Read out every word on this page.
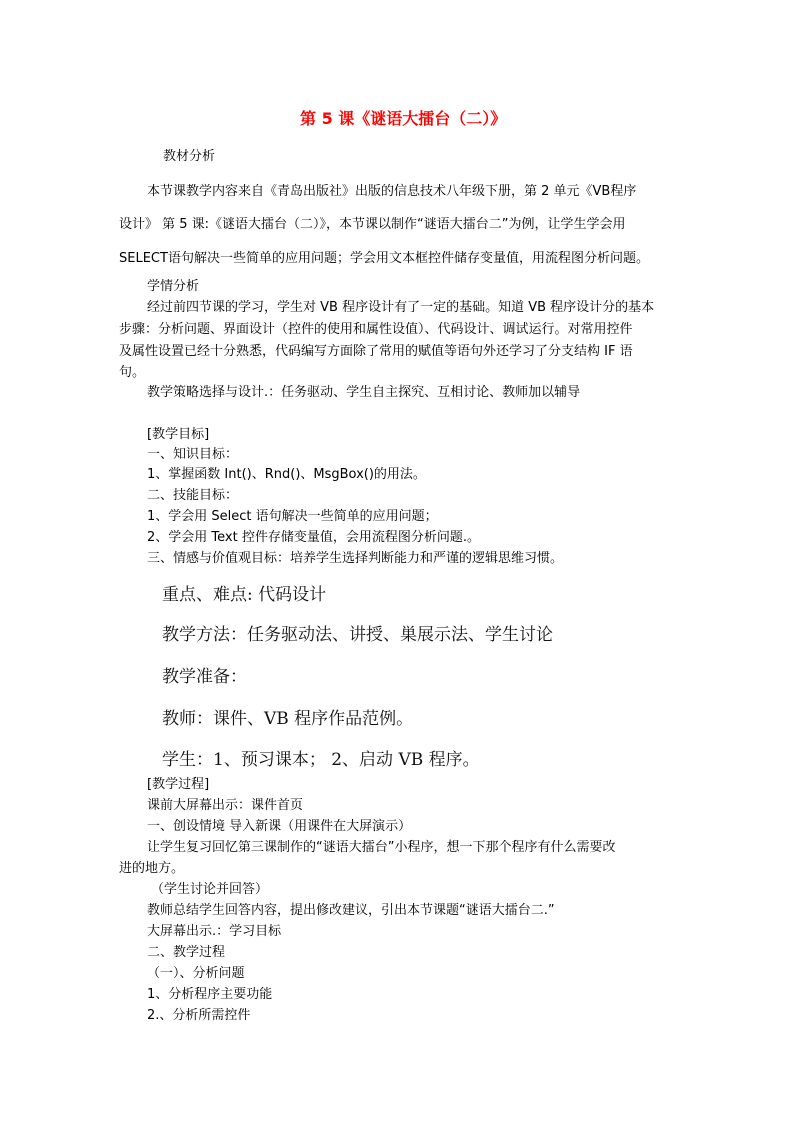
第 5 课《谜语大擂台（二）》
教材分析
本节课教学内容来自《青岛出版社》出版的信息技术八年级下册，第 2 单元《VB程序
设计》 第 5 课:《谜语大擂台（二）》，本节课以制作“谜语大擂台二”为例，让学生学会用
SELECT语句解决一些简单的应用问题；学会用文本框控件储存变量值，用流程图分析问题。
学情分析
经过前四节课的学习，学生对 VB 程序设计有了一定的基础。知道 VB 程序设计分的基本
步骤：分析问题、界面设计（控件的使用和属性设值）、代码设计、调试运行。对常用控件
及属性设置已经十分熟悉，代码编写方面除了常用的赋值等语句外还学习了分支结构 IF 语
句。
教学策略选择与设计.：任务驱动、学生自主探究、互相讨论、教师加以辅导
[教学目标]
一、知识目标：
1、掌握函数 Int()、Rnd()、MsgBox()的用法。
二、技能目标：
1、学会用 Select 语句解决一些简单的应用问题；
2、学会用 Text 控件存储变量值，会用流程图分析问题.。
三、情感与价值观目标：培养学生选择判断能力和严谨的逻辑思维习惯。
重点、难点: 代码设计
教学方法：任务驱动法、讲授、巣展示法、学生讨论
教学准备：
教师：课件、VB 程序作品范例。
学生：1、预习课本； 2、启动 VB 程序。
[教学过程]
课前大屏幕出示：课件首页
一、创设情境 导入新课（用课件在大屏演示）
让学生复习回忆第三课制作的“谜语大擂台”小程序，想一下那个程序有什么需要改
进的地方。
（学生讨论并回答）
教师总结学生回答内容，提出修改建议，引出本节课题“谜语大擂台二.”
大屏幕出示.：学习目标
二、教学过程
（一）、分析问题
1、分析程序主要功能
2.、分析所需控件
